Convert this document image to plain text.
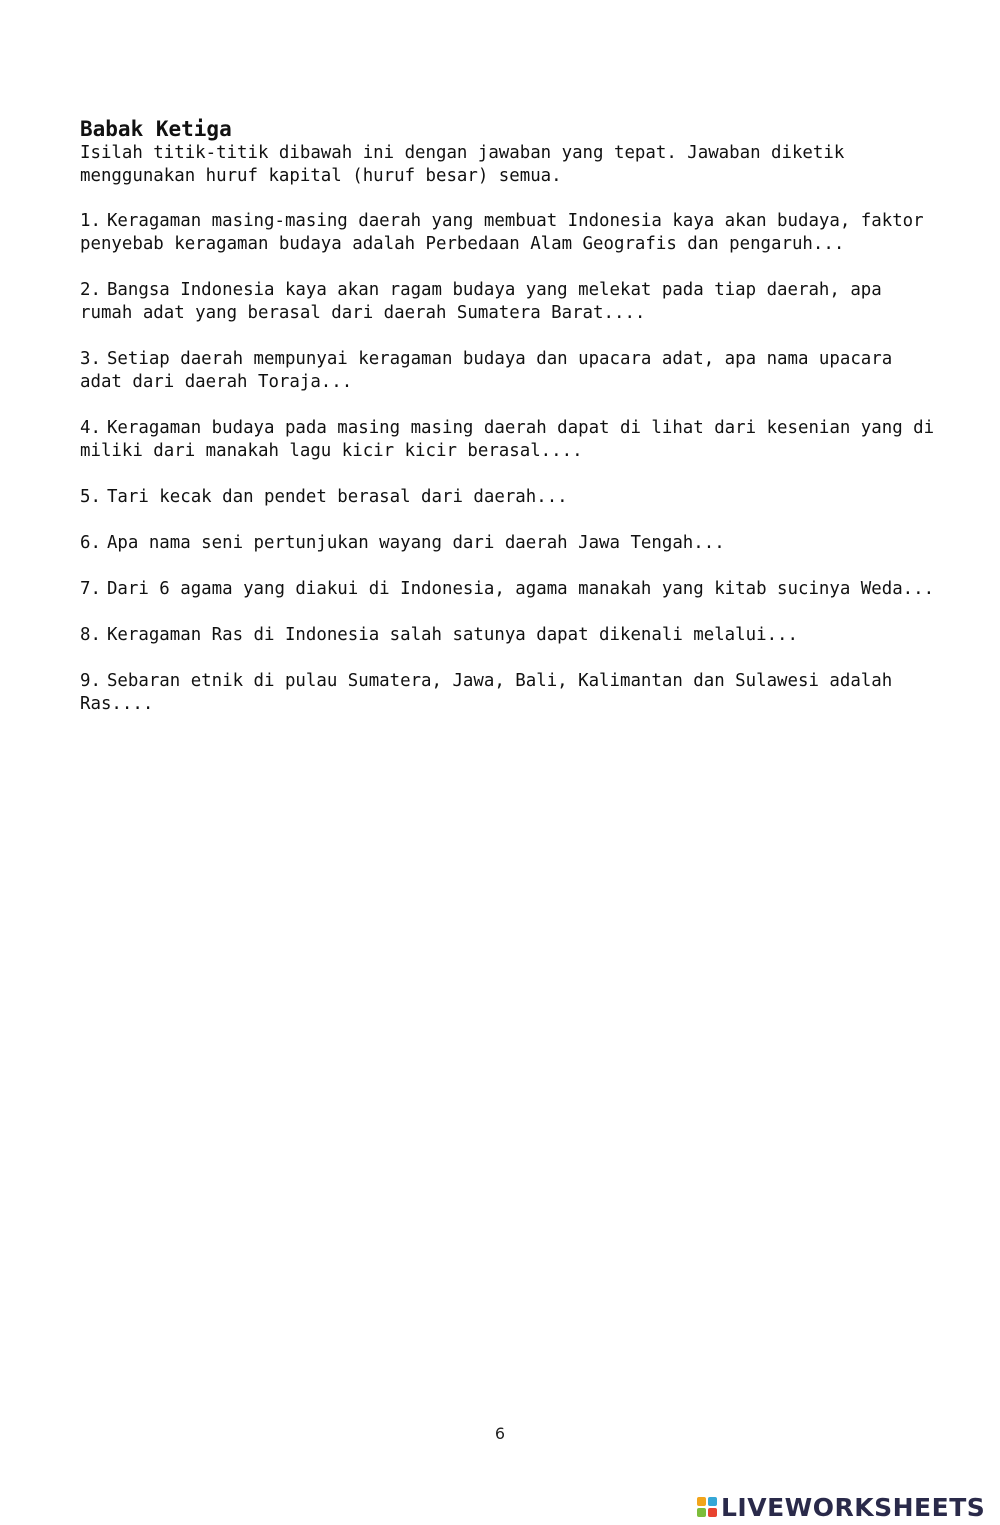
Babak Ketiga

Isilah titik-titik dibawah ini dengan jawaban yang tepat. Jawaban diketik
menggunakan huruf kapital (huruf besar) semua.

1. Keragaman masing-masing daerah yang membuat Indonesia kaya akan budaya, faktor penyebab keragaman budaya adalah Perbedaan Alam Geografis dan pengaruh...
2. Bangsa Indonesia kaya akan ragam budaya yang melekat pada tiap daerah, apa rumah adat yang berasal dari daerah Sumatera Barat....
3. Setiap daerah mempunyai keragaman budaya dan upacara adat, apa nama upacara adat dari daerah Toraja...
4. Keragaman budaya pada masing masing daerah dapat di lihat dari kesenian yang di miliki dari manakah lagu kicir kicir berasal....
5. Tari kecak dan pendet berasal dari daerah...
6. Apa nama seni pertunjukan wayang dari daerah Jawa Tengah...
7. Dari 6 agama yang diakui di Indonesia, agama manakah yang kitab sucinya Weda...
8. Keragaman Ras di Indonesia salah satunya dapat dikenali melalui...
9. Sebaran etnik di pulau Sumatera, Jawa, Bali, Kalimantan dan Sulawesi adalah Ras....
6
LIVEWORKSHEETS
